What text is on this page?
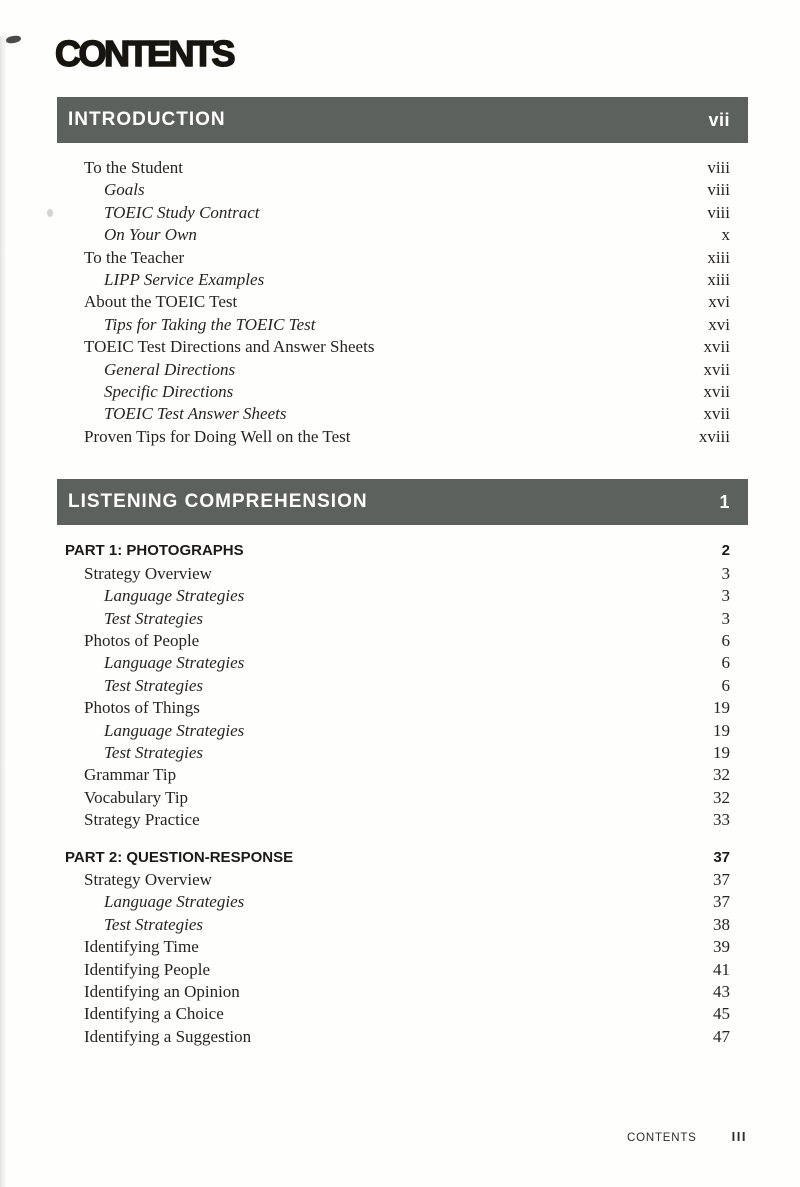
CONTENTS
INTRODUCTION	vii
To the Student	viii
Goals	viii
TOEIC Study Contract	viii
On Your Own	x
To the Teacher	xiii
LIPP Service Examples	xiii
About the TOEIC Test	xvi
Tips for Taking the TOEIC Test	xvi
TOEIC Test Directions and Answer Sheets	xvii
General Directions	xvii
Specific Directions	xvii
TOEIC Test Answer Sheets	xvii
Proven Tips for Doing Well on the Test	xviii
LISTENING COMPREHENSION	1
PART 1: PHOTOGRAPHS	2
Strategy Overview	3
Language Strategies	3
Test Strategies	3
Photos of People	6
Language Strategies	6
Test Strategies	6
Photos of Things	19
Language Strategies	19
Test Strategies	19
Grammar Tip	32
Vocabulary Tip	32
Strategy Practice	33
PART 2: QUESTION-RESPONSE	37
Strategy Overview	37
Language Strategies	37
Test Strategies	38
Identifying Time	39
Identifying People	41
Identifying an Opinion	43
Identifying a Choice	45
Identifying a Suggestion	47
CONTENTS	III
